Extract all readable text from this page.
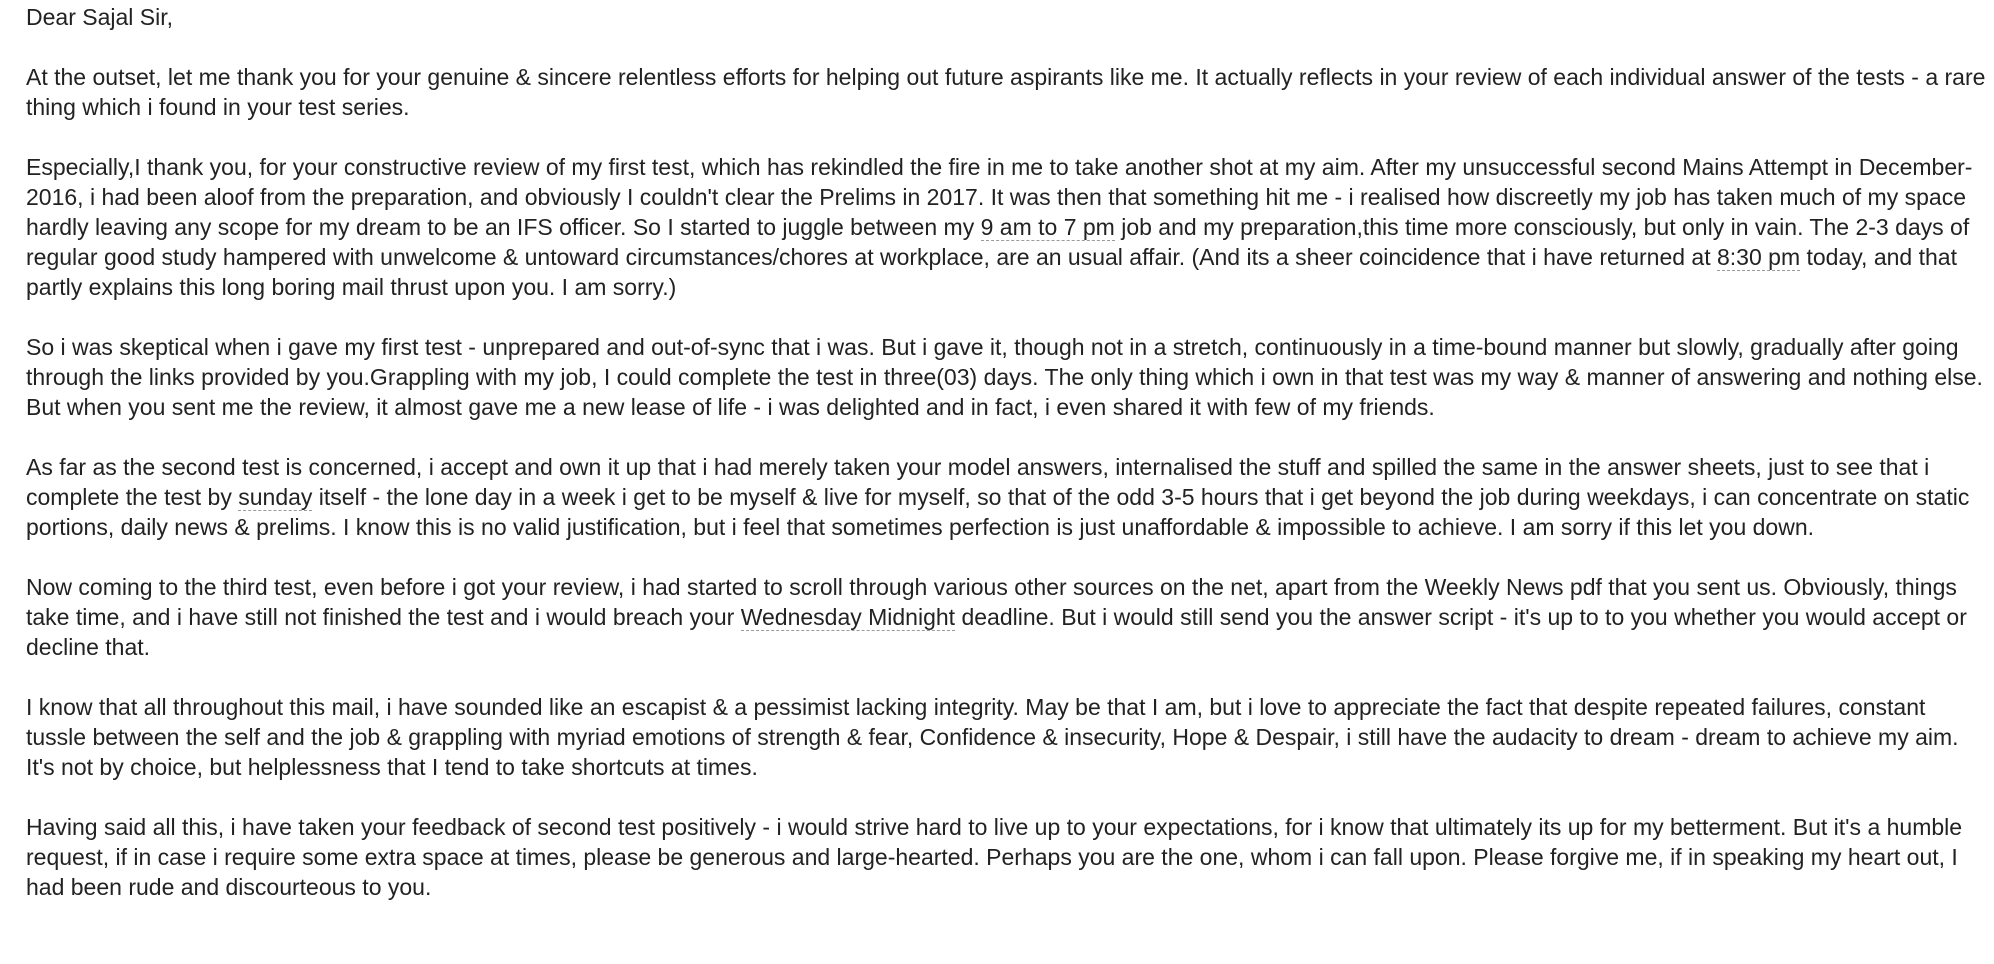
Dear Sajal Sir,

At the outset, let me thank you for your genuine & sincere relentless efforts for helping out future aspirants like me. It actually reflects in your review of each individual answer of the tests - a rare thing which i found in your test series.

Especially,I thank you, for your constructive review of my first test, which has rekindled the fire in me to take another shot at my aim. After my unsuccessful second Mains Attempt in December-2016, i had been aloof from the preparation, and obviously I couldn't clear the Prelims in 2017. It was then that something hit me - i realised how discreetly my job has taken much of my space hardly leaving any scope for my dream to be an IFS officer. So I started to juggle between my 9 am to 7 pm job and my preparation,this time more consciously, but only in vain. The 2-3 days of regular good study hampered with unwelcome & untoward circumstances/chores at workplace, are an usual affair. (And its a sheer coincidence that i have returned at 8:30 pm today, and that partly explains this long boring mail thrust upon you. I am sorry.)

So i was skeptical when i gave my first test - unprepared and out-of-sync that i was. But i gave it, though not in a stretch, continuously in a time-bound manner but slowly, gradually after going through the links provided by you.Grappling with my job, I could complete the test in three(03) days. The only thing which i own in that test was my way & manner of answering and nothing else. But when you sent me the review, it almost gave me a new lease of life - i was delighted and in fact, i even shared it with few of my friends.

As far as the second test is concerned, i accept and own it up that i had merely taken your model answers, internalised the stuff and spilled the same in the answer sheets, just to see that i complete the test by sunday itself - the lone day in a week i get to be myself & live for myself, so that of the odd 3-5 hours that i get beyond the job during weekdays, i can concentrate on static portions, daily news & prelims. I know this is no valid justification, but i feel that sometimes perfection is just unaffordable & impossible to achieve. I am sorry if this let you down.

Now coming to the third test, even before i got your review, i had started to scroll through various other sources on the net, apart from the Weekly News pdf that you sent us. Obviously, things take time, and i have still not finished the test and i would breach your Wednesday Midnight deadline. But i would still send you the answer script - it's up to to you whether you would accept or decline that.

I know that all throughout this mail, i have sounded like an escapist & a pessimist lacking integrity. May be that I am, but i love to appreciate the fact that despite repeated failures, constant tussle between the self and the job & grappling with myriad emotions of strength & fear, Confidence & insecurity, Hope & Despair, i still have the audacity to dream - dream to achieve my aim. It's not by choice, but helplessness that I tend to take shortcuts at times.

Having said all this, i have taken your feedback of second test positively - i would strive hard to live up to your expectations, for i know that ultimately its up for my betterment. But it's a humble request, if in case i require some extra space at times, please be generous and large-hearted. Perhaps you are the one, whom i can fall upon. Please forgive me, if in speaking my heart out, I had been rude and discourteous to you.
